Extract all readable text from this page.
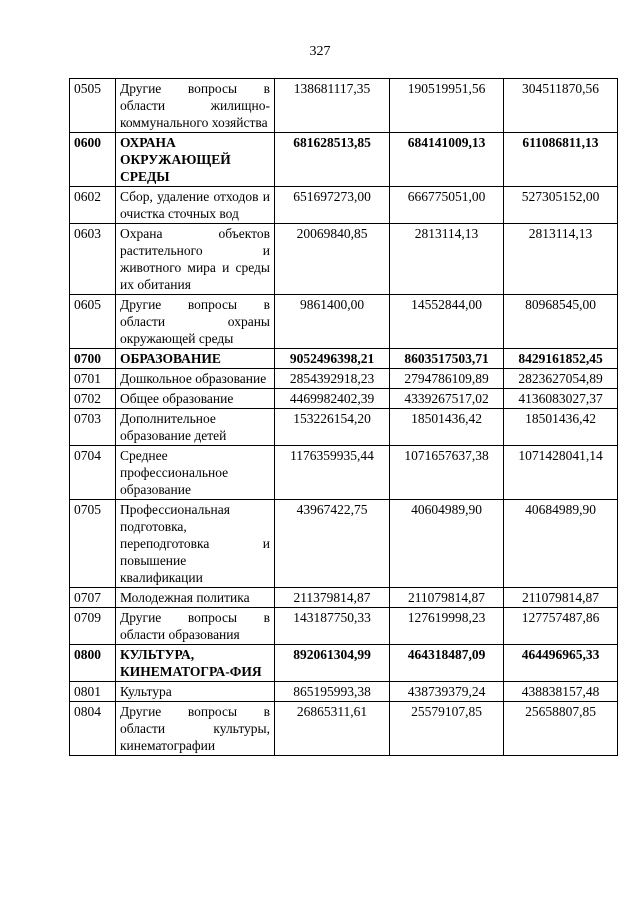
327
0505	Другие вопросы в области жилищно-коммунального хозяйства	138681117,35	190519951,56	304511870,56
0600	ОХРАНА ОКРУЖАЮЩЕЙ СРЕДЫ	681628513,85	684141009,13	611086811,13
0602	Сбор, удаление отходов и очистка сточных вод	651697273,00	666775051,00	527305152,00
0603	Охрана объектов растительного и животного мира и среды их обитания	20069840,85	2813114,13	2813114,13
0605	Другие вопросы в области охраны окружающей среды	9861400,00	14552844,00	80968545,00
0700	ОБРАЗОВАНИЕ	9052496398,21	8603517503,71	8429161852,45
0701	Дошкольное образование	2854392918,23	2794786109,89	2823627054,89
0702	Общее образование	4469982402,39	4339267517,02	4136083027,37
0703	Дополнительное образование детей	153226154,20	18501436,42	18501436,42
0704	Среднее профессиональное образование	1176359935,44	1071657637,38	1071428041,14
0705	Профессиональная подготовка, переподготовка и повышение квалификации	43967422,75	40604989,90	40684989,90
0707	Молодежная политика	211379814,87	211079814,87	211079814,87
0709	Другие вопросы в области образования	143187750,33	127619998,23	127757487,86
0800	КУЛЬТУРА, КИНЕМАТОГРА-ФИЯ	892061304,99	464318487,09	464496965,33
0801	Культура	865195993,38	438739379,24	438838157,48
0804	Другие вопросы в области культуры, кинематографии	26865311,61	25579107,85	25658807,85
